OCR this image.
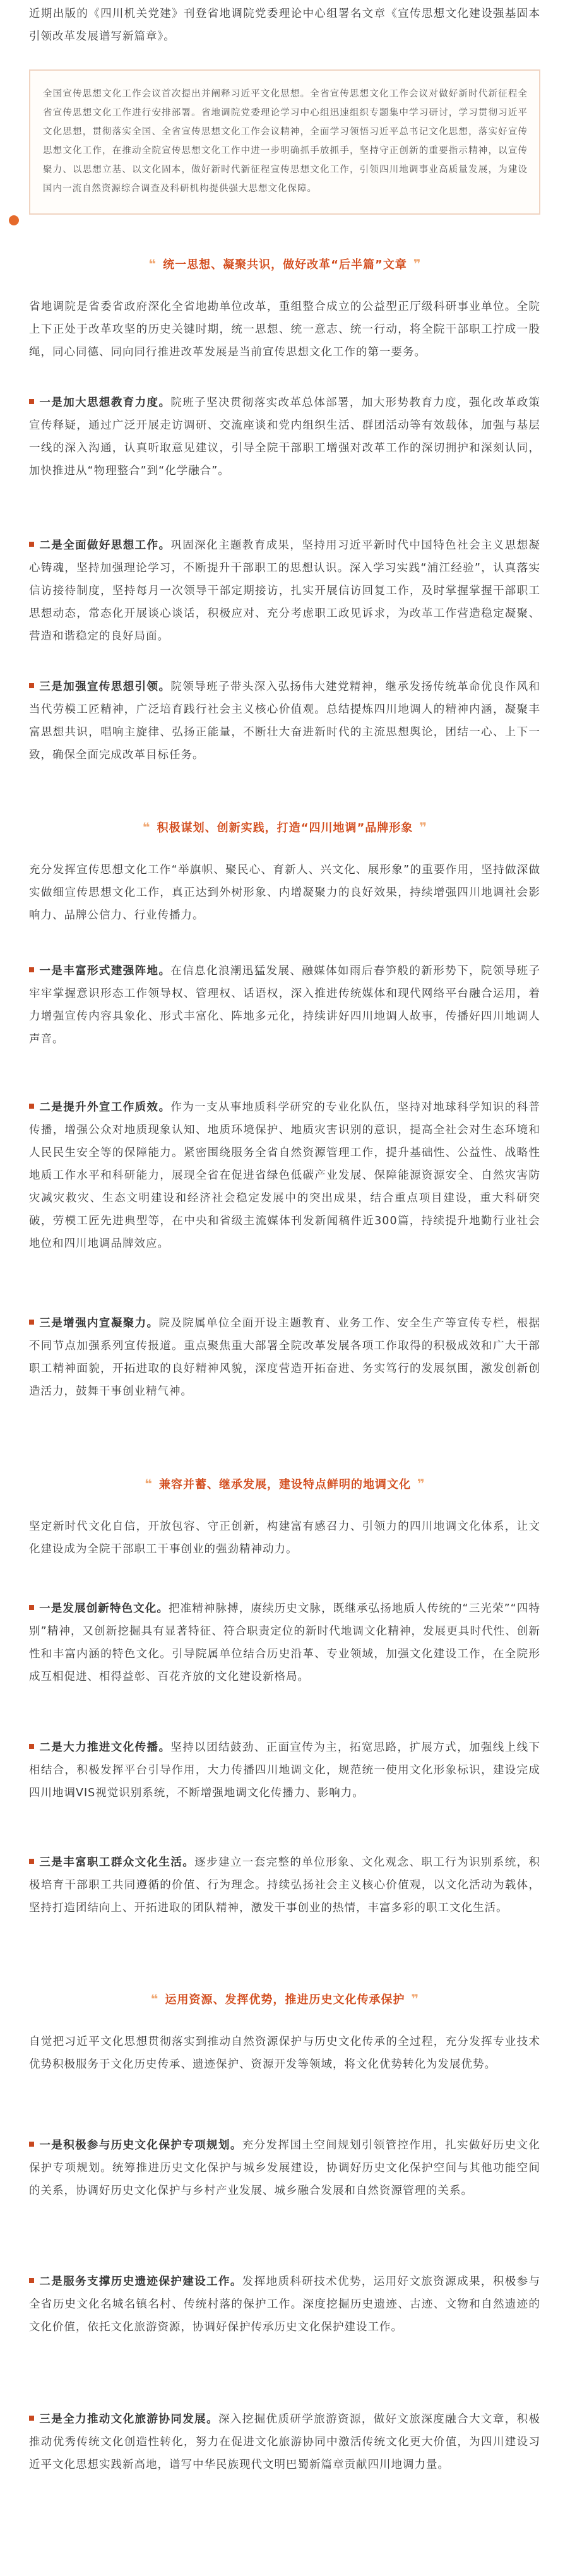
近期出版的《四川机关党建》刊登省地调院党委理论中心组署名文章《宣传思想文化建设强基固本 引领改革发展谱写新篇章》。

全国宣传思想文化工作会议首次提出并阐释习近平文化思想。全省宣传思想文化工作会议对做好新时代新征程全省宣传思想文化工作进行安排部署。省地调院党委理论学习中心组迅速组织专题集中学习研讨，学习贯彻习近平文化思想，贯彻落实全国、全省宣传思想文化工作会议精神，全面学习领悟习近平总书记文化思想，落实好宣传思想文化工作，在推动全院宣传思想文化工作中进一步明确抓手放抓手，坚持守正创新的重要指示精神，以宣传聚力、以思想立基、以文化固本，做好新时代新征程宣传思想文化工作，引领四川地调事业高质量发展，为建设国内一流自然资源综合调查及科研机构提供强大思想文化保障。

❝ 统一思想、凝聚共识，做好改革“后半篇”文章 ❞

省地调院是省委省政府深化全省地勘单位改革，重组整合成立的公益型正厅级科研事业单位。全院上下正处于改革攻坚的历史关键时期，统一思想、统一意志、统一行动，将全院干部职工拧成一股绳，同心同德、同向同行推进改革发展是当前宣传思想文化工作的第一要务。

一是加大思想教育力度。院班子坚决贯彻落实改革总体部署，加大形势教育力度，强化改革政策宣传释疑，通过广泛开展走访调研、交流座谈和党内组织生活、群团活动等有效载体，加强与基层一线的深入沟通，认真听取意见建议，引导全院干部职工增强对改革工作的深切拥护和深刻认同，加快推进从“物理整合”到“化学融合”。

二是全面做好思想工作。巩固深化主题教育成果，坚持用习近平新时代中国特色社会主义思想凝心铸魂，坚持加强理论学习，不断提升干部职工的思想认识。深入学习实践“浦江经验”，认真落实信访接待制度，坚持每月一次领导干部定期接访，扎实开展信访回复工作，及时掌握掌握干部职工思想动态，常态化开展谈心谈话，积极应对、充分考虑职工政见诉求，为改革工作营造稳定凝聚、营造和谐稳定的良好局面。

三是加强宣传思想引领。院领导班子带头深入弘扬伟大建党精神，继承发扬传统革命优良作风和当代劳模工匠精神，广泛培育践行社会主义核心价值观。总结提炼四川地调人的精神内涵，凝聚丰富思想共识，唱响主旋律、弘扬正能量，不断壮大奋进新时代的主流思想舆论，团结一心、上下一致，确保全面完成改革目标任务。

❝ 积极谋划、创新实践，打造“四川地调”品牌形象 ❞

充分发挥宣传思想文化工作“举旗帜、聚民心、育新人、兴文化、展形象”的重要作用，坚持做深做实做细宣传思想文化工作，真正达到外树形象、内增凝聚力的良好效果，持续增强四川地调社会影响力、品牌公信力、行业传播力。

一是丰富形式建强阵地。在信息化浪潮迅猛发展、融媒体如雨后春笋般的新形势下，院领导班子牢牢掌握意识形态工作领导权、管理权、话语权，深入推进传统媒体和现代网络平台融合运用，着力增强宣传内容具象化、形式丰富化、阵地多元化，持续讲好四川地调人故事，传播好四川地调人声音。

二是提升外宣工作质效。作为一支从事地质科学研究的专业化队伍，坚持对地球科学知识的科普传播，增强公众对地质现象认知、地质环境保护、地质灾害识别的意识，提高全社会对生态环境和人民民生安全等的保障能力。紧密围绕服务全省自然资源管理工作，提升基础性、公益性、战略性地质工作水平和科研能力，展现全省在促进省绿色低碳产业发展、保障能源资源安全、自然灾害防灾减灾救灾、生态文明建设和经济社会稳定发展中的突出成果，结合重点项目建设，重大科研突破，劳模工匠先进典型等，在中央和省级主流媒体刊发新闻稿件近300篇，持续提升地勤行业社会地位和四川地调品牌效应。

三是增强内宣凝聚力。院及院属单位全面开设主题教育、业务工作、安全生产等宣传专栏，根据不同节点加强系列宣传报道。重点聚焦重大部署全院改革发展各项工作取得的积极成效和广大干部职工精神面貌，开拓进取的良好精神风貌，深度营造开拓奋进、务实笃行的发展氛围，激发创新创造活力，鼓舞干事创业精气神。

❝ 兼容并蓄、继承发展，建设特点鲜明的地调文化 ❞

坚定新时代文化自信，开放包容、守正创新，构建富有感召力、引领力的四川地调文化体系，让文化建设成为全院干部职工干事创业的强劲精神动力。

一是发展创新特色文化。把准精神脉搏，赓续历史文脉，既继承弘扬地质人传统的“三光荣”“四特别”精神，又创新挖掘具有显著特征、符合职责定位的新时代地调文化精神，发展更具时代性、创新性和丰富内涵的特色文化。引导院属单位结合历史沿革、专业领域，加强文化建设工作，在全院形成互相促进、相得益彰、百花齐放的文化建设新格局。

二是大力推进文化传播。坚持以团结鼓劲、正面宣传为主，拓宽思路，扩展方式，加强线上线下相结合，积极发挥平台引导作用，大力传播四川地调文化，规范统一使用文化形象标识，建设完成四川地调VIS视觉识别系统，不断增强地调文化传播力、影响力。

三是丰富职工群众文化生活。逐步建立一套完整的单位形象、文化观念、职工行为识别系统，积极培育干部职工共同遵循的价值、行为理念。持续弘扬社会主义核心价值观，以文化活动为载体，坚持打造团结向上、开拓进取的团队精神，激发干事创业的热情，丰富多彩的职工文化生活。

❝ 运用资源、发挥优势，推进历史文化传承保护 ❞

自觉把习近平文化思想贯彻落实到推动自然资源保护与历史文化传承的全过程，充分发挥专业技术优势积极服务于文化历史传承、遗迹保护、资源开发等领域，将文化优势转化为发展优势。

一是积极参与历史文化保护专项规划。充分发挥国土空间规划引领管控作用，扎实做好历史文化保护专项规划。统筹推进历史文化保护与城乡发展建设，协调好历史文化保护空间与其他功能空间的关系，协调好历史文化保护与乡村产业发展、城乡融合发展和自然资源管理的关系。

二是服务支撑历史遗迹保护建设工作。发挥地质科研技术优势，运用好文旅资源成果，积极参与全省历史文化名城名镇名村、传统村落的保护工作。深度挖掘历史遗迹、古迹、文物和自然遗迹的文化价值，依托文化旅游资源，协调好保护传承历史文化保护建设工作。

三是全力推动文化旅游协同发展。深入挖掘优质研学旅游资源，做好文旅深度融合大文章，积极推动优秀传统文化创造性转化，努力在促进文化旅游协同中激活传统文化更大价值，为四川建设习近平文化思想实践新高地，谱写中华民族现代文明巴蜀新篇章贡献四川地调力量。
